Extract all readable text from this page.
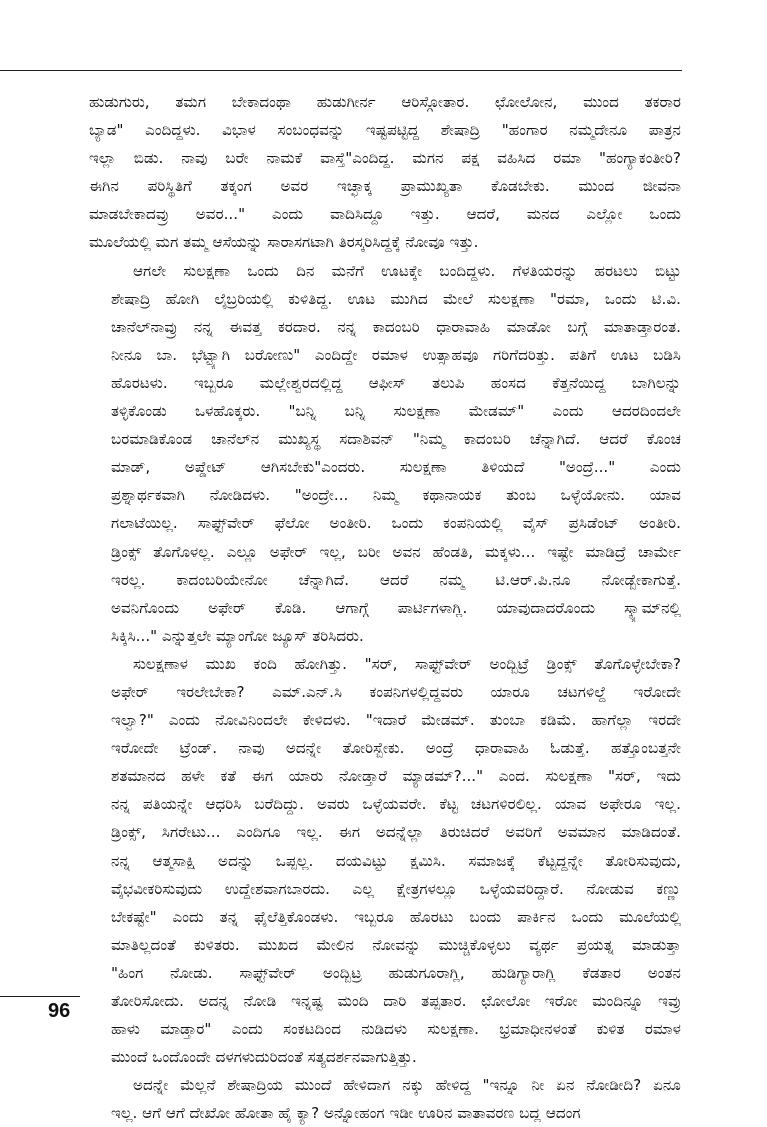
ಹುಡುಗುರು, ತಮಗ ಬೇಕಾದಂಥಾ ಹುಡುಗೀರ್ನ ಆರಿಸ್ಗೋತಾರ. ಛೋಲೋನ, ಮುಂದ ತಕರಾರ
ಬ್ಯಾಡ" ಎಂದಿದ್ದಳು. ವಿಭಾಳ ಸಂಬಂಧವನ್ನು ಇಷ್ಟಪಟ್ಟಿದ್ದ ಶೇಷಾದ್ರಿ "ಹಂಗಾರ ನಮ್ಮದೇನೂ ಪಾತ್ರನ
ಇಲ್ಲಾ ಬಿಡು. ನಾವು ಬರೇ ನಾಮಕೆ ವಾಸ್ತೆ"ಎಂದಿದ್ದ. ಮಗನ ಪಕ್ಷ ವಹಿಸಿದ ರಮಾ "ಹಂಗ್ಯಾಕಂತೀರಿ?
ಈಗಿನ ಪರಿಸ್ಥಿತಿಗೆ ತಕ್ಕಂಗ ಅವರ ಇಚ್ಛಾಕ್ಕ ಪ್ರಾಮುಖ್ಯತಾ ಕೊಡಬೇಕು. ಮುಂದ ಜೀವನಾ
ಮಾಡಬೇಕಾದವ್ರು ಅವರ..." ಎಂದು ವಾದಿಸಿದ್ದೂ ಇತ್ತು. ಆದರೆ, ಮನದ ಎಲ್ಲೋ ಒಂದು
ಮೂಲೆಯಲ್ಲಿ ಮಗ ತಮ್ಮ ಆಸೆಯನ್ನು ಸಾರಾಸಗಟಾಗಿ ತಿರಸ್ಕರಿಸಿದ್ದಕ್ಕೆ ನೋವೂ ಇತ್ತು.
ಆಗಲೇ ಸುಲಕ್ಷಣಾ ಒಂದು ದಿನ ಮನೆಗೆ ಊಟಕ್ಕೇ ಬಂದಿದ್ದಳು. ಗೆಳತಿಯರನ್ನು ಹರಟಲು ಬಿಟ್ಟು
ಶೇಷಾದ್ರಿ ಹೋಗಿ ಲೈಬ್ರರಿಯಲ್ಲಿ ಕುಳಿತಿದ್ದ. ಊಟ ಮುಗಿದ ಮೇಲೆ ಸುಲಕ್ಷಣಾ "ರಮಾ, ಒಂದು ಟಿ.ವಿ.
ಚಾನೆಲ್‌ನಾವ್ರು ನನ್ನ ಈವತ್ತ ಕರದಾರ. ನನ್ನ ಕಾದಂಬರಿ ಧಾರಾವಾಹಿ ಮಾಡೋ ಬಗ್ಗೆ ಮಾತಾಡ್ತಾರಂತ.
ನೀನೂ ಬಾ. ಭೆಟ್ಟ್ಯಾಗಿ ಬರೋಣು" ಎಂದಿದ್ದೇ ರಮಾಳ ಉತ್ಸಾಹವೂ ಗರಿಗೆದರಿತ್ತು. ಪತಿಗೆ ಊಟ ಬಡಿಸಿ
ಹೊರಟಳು. ಇಬ್ಬರೂ ಮಲ್ಲೇಶ್ವರದಲ್ಲಿದ್ದ ಆಫೀಸ್ ತಲುಪಿ ಹಂಸದ ಕೆತ್ತನೆಯಿದ್ದ ಬಾಗಿಲನ್ನು
ತಳ್ಳಿಕೊಂಡು ಒಳಹೊಕ್ಕರು. "ಬನ್ನಿ ಬನ್ನಿ ಸುಲಕ್ಷಣಾ ಮೇಡಮ್" ಎಂದು ಆದರದಿಂದಲೇ
ಬರಮಾಡಿಕೊಂಡ ಚಾನೆಲ್‌ನ ಮುಖ್ಯಸ್ಥ ಸದಾಶಿವನ್ "ನಿಮ್ಮ ಕಾದಂಬರಿ ಚೆನ್ನಾಗಿದೆ. ಆದರೆ ಕೊಂಚ
ಮಾಡ್, ಅಪ್ಡೇಟ್ ಆಗಿಸಬೇಕು"ಎಂದರು. ಸುಲಕ್ಷಣಾ ತಿಳಿಯದೆ "ಅಂದ್ರೆ..." ಎಂದು
ಪ್ರಶ್ನಾರ್ಥಕವಾಗಿ ನೋಡಿದಳು. "ಅಂದ್ರೇ... ನಿಮ್ಮ ಕಥಾನಾಯಕ ತುಂಬ ಒಳ್ಳೆಯೋನು. ಯಾವ
ಗಲಾಟೆಯಿಲ್ಲ. ಸಾಫ್ಟ್‌ವೇರ್ ಫೆಲೋ ಅಂತೀರಿ. ಒಂದು ಕಂಪನಿಯಲ್ಲಿ ವೈಸ್ ಪ್ರಸಿಡೆಂಟ್ ಅಂತೀರಿ.
ಡ್ರಿಂಕ್ಸ್ ತೊಗೊಳಲ್ಲ. ಎಲ್ಲೂ ಅಫೇರ್ ಇಲ್ಲ, ಬರೀ ಅವನ ಹೆಂಡತಿ, ಮಕ್ಕಳು... ಇಷ್ಟೇ ಮಾಡಿದ್ರೆ ಚಾರ್ಮೇ
ಇರಲ್ಲ. ಕಾದಂಬರಿಯೇನೋ ಚೆನ್ನಾಗಿದೆ. ಆದರೆ ನಮ್ಮ ಟಿ.ಆರ್.ಪಿ.ನೂ ನೋಡ್ಬೇಕಾಗುತ್ತೆ.
ಅವನಿಗೊಂದು ಅಫೇರ್ ಕೊಡಿ. ಆಗಾಗ್ಗೆ ಪಾರ್ಟಿಗಳಾಗ್ಲಿ. ಯಾವುದಾದರೊಂದು ಸ್ಕ್ಯಾಮ್‌ನಲ್ಲಿ
ಸಿಕ್ಕಿಸಿ..." ಎನ್ನುತ್ತಲೇ ಮ್ಯಾಂಗೋ ಜ್ಯೂಸ್ ತರಿಸಿದರು.
ಸುಲಕ್ಷಣಾಳ ಮುಖ ಕಂದಿ ಹೋಗಿತ್ತು. "ಸರ್, ಸಾಫ್ಟ್‌ವೇರ್ ಅಂದ್ಬಿಟ್ರೆ ಡ್ರಿಂಕ್ಸ್ ತೊಗೊಳ್ಳೇಬೇಕಾ?
ಅಫೇರ್ ಇರಲೇಬೇಕಾ? ಎಮ್.ಎನ್.ಸಿ ಕಂಪನಿಗಳಲ್ಲಿದ್ದವರು ಯಾರೂ ಚಟಗಳಿಲ್ದೆ ಇರೋದೇ
ಇಲ್ವಾ?" ಎಂದು ನೋವಿನಿಂದಲೇ ಕೇಳಿದಳು. "ಇದಾರೆ ಮೇಡಮ್. ತುಂಬಾ ಕಡಿಮೆ. ಹಾಗೆಲ್ಲಾ ಇರದೇ
ಇರೋದೇ ಟ್ರೆಂಡ್. ನಾವು ಅದನ್ನೇ ತೋರಿಸ್ಬೇಕು. ಅಂದ್ರೆ ಧಾರಾವಾಹಿ ಓಡುತ್ತೆ. ಹತ್ತೊಂಬತ್ತನೇ
ಶತಮಾನದ ಹಳೇ ಕತೆ ಈಗ ಯಾರು ನೋಡ್ತಾರೆ ಮ್ಯಾಡಮ್?..." ಎಂದ. ಸುಲಕ್ಷಣಾ "ಸರ್, ಇದು
ನನ್ನ ಪತಿಯನ್ನೇ ಆಧರಿಸಿ ಬರೆದಿದ್ದು. ಅವರು ಒಳ್ಳೆಯವರೇ. ಕೆಟ್ಟ ಚಟಗಳಿರಲಿಲ್ಲ. ಯಾವ ಅಫೇರೂ ಇಲ್ಲ.
ಡ್ರಿಂಕ್ಸ್, ಸಿಗರೇಟು... ಎಂದಿಗೂ ಇಲ್ಲ. ಈಗ ಅದನ್ನೆಲ್ಲಾ ತಿರುಚಿದರೆ ಅವರಿಗೆ ಅವಮಾನ ಮಾಡಿದಂತೆ.
ನನ್ನ ಆತ್ಮಸಾಕ್ಷಿ ಅದನ್ನು ಒಪ್ಪಲ್ಲ. ದಯವಿಟ್ಟು ಕ್ಷಮಿಸಿ. ಸಮಾಜಕ್ಕೆ ಕೆಟ್ಟದ್ದನ್ನೇ ತೋರಿಸುವುದು,
ವೈಭವೀಕರಿಸುವುದು ಉದ್ದೇಶವಾಗಬಾರದು. ಎಲ್ಲ ಕ್ಷೇತ್ರಗಳಲ್ಲೂ ಒಳ್ಳೆಯವರಿದ್ದಾರೆ. ನೋಡುವ ಕಣ್ಣು
ಬೇಕಷ್ಟೇ" ಎಂದು ತನ್ನ ಫೈಲೆತ್ತಿಕೊಂಡಳು. ಇಬ್ಬರೂ ಹೊರಟು ಬಂದು ಪಾರ್ಕಿನ ಒಂದು ಮೂಲೆಯಲ್ಲಿ
ಮಾತಿಲ್ಲದಂತೆ ಕುಳಿತರು. ಮುಖದ ಮೇಲಿನ ನೋವನ್ನು ಮುಚ್ಚಿಕೊಳ್ಳಲು ವ್ಯರ್ಥ ಪ್ರಯತ್ನ ಮಾಡುತ್ತಾ
"ಹಿಂಗ ನೋಡು. ಸಾಫ್ಟ್‌ವೇರ್ ಅಂದ್ಬಿಟ್ರ ಹುಡುಗೂರಾಗ್ಲಿ, ಹುಡಿಗ್ಯಾರಾಗ್ಲಿ ಕೆಡತಾರ ಅಂತನ
ತೋರಿಸೋದು. ಅದನ್ನ ನೋಡಿ ಇನ್ನಷ್ಟ ಮಂದಿ ದಾರಿ ತಪ್ಪತಾರ. ಛೋಲೋ ಇರೋ ಮಂದಿನ್ನೂ ಇವ್ರು
ಹಾಳು ಮಾಡ್ತಾರ" ಎಂದು ಸಂಕಟದಿಂದ ನುಡಿದಳು ಸುಲಕ್ಷಣಾ. ಭ್ರಮಾಧೀನಳಂತೆ ಕುಳಿತ ರಮಾಳ
ಮುಂದೆ ಒಂದೊಂದೇ ದಳಗಳುದುರಿದಂತೆ ಸತ್ಯದರ್ಶನವಾಗುತ್ತಿತ್ತು.
ಅದನ್ನೇ ಮೆಲ್ಲನೆ ಶೇಷಾದ್ರಿಯ ಮುಂದೆ ಹೇಳಿದಾಗ ನಕ್ಕು ಹೇಳಿದ್ದ "ಇನ್ನೂ ನೀ ಏನ ನೋಡೀದಿ? ಏನೂ
ಇಲ್ಲ. ಆಗೆ ಆಗೆ ದೇಖೋ ಹೋತಾ ಹೈ ಕ್ಯಾ? ಅನ್ನೋಹಂಗ ಇಡೀ ಊರಿನ ವಾತಾವರಣ ಬದ್ಲ ಆದಂಗ
96
